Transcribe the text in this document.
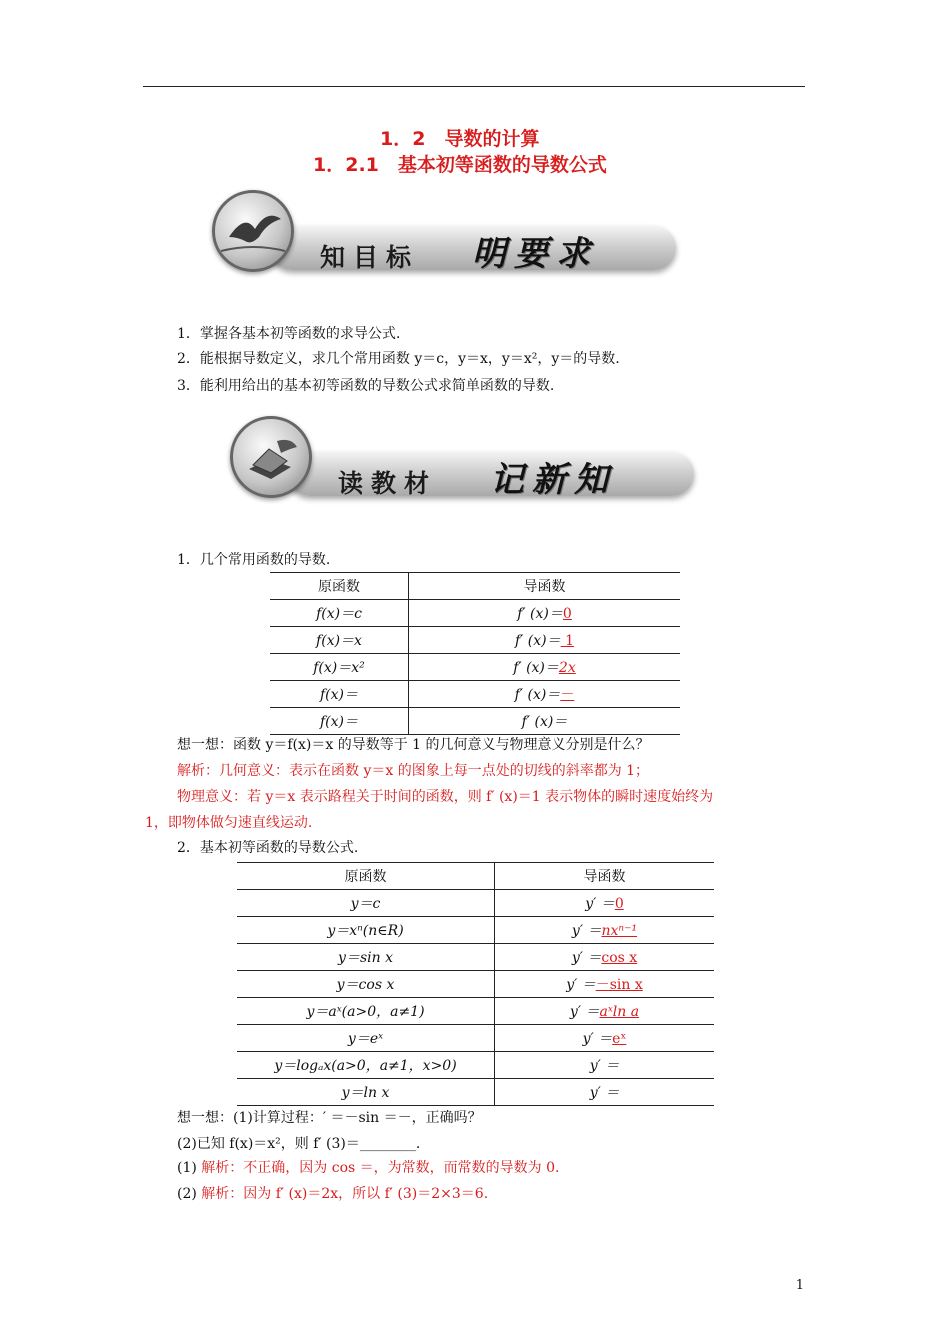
1．2　导数的计算
1．2.1　基本初等函数的导数公式
知目标 明要求
1．掌握各基本初等函数的求导公式.
2．能根据导数定义，求几个常用函数 y＝c，y＝x，y＝x²，y＝的导数.
3．能利用给出的基本初等函数的导数公式求简单函数的导数.
读教材 记新知
1．几个常用函数的导数.
原函数	导函数
f(x)＝c	f′ (x)＝0
f(x)＝x	f′ (x)＝ 1
f(x)＝x²	f′ (x)＝2x
f(x)＝	f′ (x)＝－
f(x)＝	f′ (x)＝
想一想：函数 y＝f(x)＝x 的导数等于 1 的几何意义与物理意义分别是什么？
解析：几何意义：表示在函数 y＝x 的图象上每一点处的切线的斜率都为 1；
物理意义：若 y＝x 表示路程关于时间的函数，则 f′ (x)＝1 表示物体的瞬时速度始终为
1，即物体做匀速直线运动.
2．基本初等函数的导数公式.
原函数	导函数
y＝c	y′ ＝0
y＝xⁿ(n∈R)	y′ ＝nxⁿ⁻¹
y＝sin x	y′ ＝cos x
y＝cos x	y′ ＝－sin x
y＝aˣ(a>0，a≠1)	y′ ＝aˣln a
y＝eˣ	y′ ＝eˣ
y＝logₐx(a>0，a≠1，x>0)	y′ ＝
y＝ln x	y′ ＝
想一想：(1)计算过程：′ ＝－sin ＝－，正确吗？
(2)已知 f(x)＝x²，则 f′ (3)＝________.
(1) 解析：不正确，因为 cos ＝，为常数，而常数的导数为 0.
(2) 解析：因为 f′ (x)＝2x，所以 f′ (3)＝2×3＝6.
1
